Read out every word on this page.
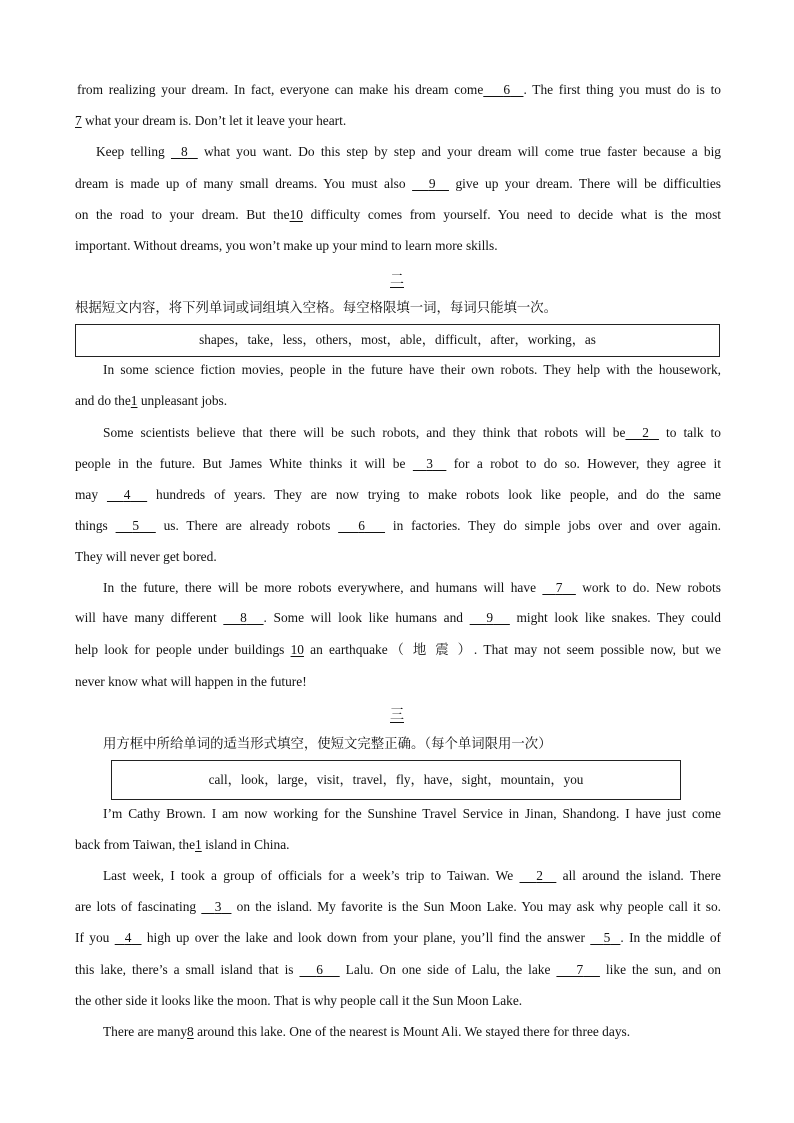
from realizing your dream. In fact, everyone can make his dream come 6 . The first thing you must do is to
7 what your dream is. Don’t let it leave your heart.
Keep telling 8    what you want. Do this step by step and your dream will come true faster because a big
dream is made up of many small dreams. You must also 9     give up your dream. There will be difficulties
on the road to your dream. But the10 difficulty comes from yourself. You need to decide what is the most
important. Without dreams, you won’t make up your mind to learn more skills.
二
根据短文内容，将下列单词或词组填入空格。每空格限填一词，每词只能填一次。
shapes，take，less，others，most，able，difficult，after，working，as
In some science fiction movies, people in the future have their own robots. They help with the housework,
and do the1 unpleasant jobs.
Some scientists believe that there will be such robots, and they think that robots will be 2    to talk to
people in the future. But James White thinks it will be 3     for a robot to do so. However, they agree it
may 4      hundreds of years. They are now trying to make robots look like people, and do the same
things 5      us. There are already robots 6       in factories. They do simple jobs over and over again.
They will never get bored.
In the future, there will be more robots everywhere, and humans will have 7     work to do. New robots
will have many different 8 . Some will look like humans and 9      might look like snakes. They could
help look for people under buildings 10 an earthquake（ 地 震 ）. That may not seem possible now, but we
never know what will happen in the future!
三
用方框中所给单词的适当形式填空，使短文完整正确。（每个单词限用一次）
call，look，large，visit，travel，fly，have，sight，mountain，you
I’m Cathy Brown. I am now working for the Sunshine Travel Service in Jinan, Shandong. I have just come
back from Taiwan, the1 island in China.
Last week, I took a group of officials for a week’s trip to Taiwan. We 2     all around the island. There
are lots of fascinating 3    on the island. My favorite is the Sun Moon Lake. You may ask why people call it so.
If you 4    high up over the lake and look down from your plane, you’ll find the answer 5 . In the middle of
this lake, there’s a small island that is 6      Lalu. On one side of Lalu, the lake 7      like the sun, and on
the other side it looks like the moon. That is why people call it the Sun Moon Lake.
There are many8 around this lake. One of the nearest is Mount Ali. We stayed there for three days.
